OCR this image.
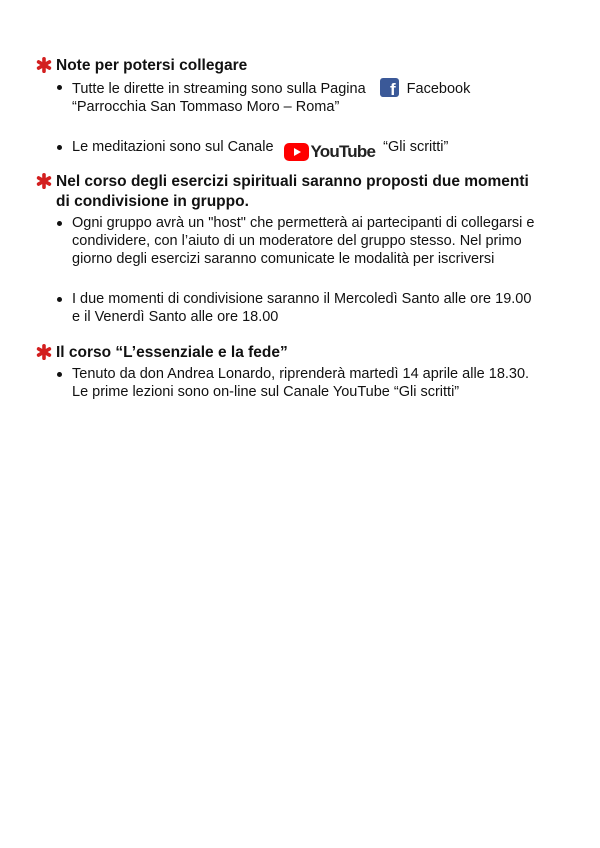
Note per potersi collegare
Tutte le dirette in streaming sono sulla Pagina f Facebook
“Parrocchia San Tommaso Moro – Roma”
Le meditazioni sono sul Canale YouTube “Gli scritti”
Nel corso degli esercizi spirituali saranno proposti due momenti
di condivisione in gruppo.
Ogni gruppo avrà un "host" che permetterà ai partecipanti di collegarsi e
condividere, con l’aiuto di un moderatore del gruppo stesso. Nel primo
giorno degli esercizi saranno comunicate le modalità per iscriversi
I due momenti di condivisione saranno il Mercoledì Santo alle ore 19.00
e il Venerdì Santo alle ore 18.00
Il corso “L’essenziale e la fede”
Tenuto da don Andrea Lonardo, riprenderà martedì 14 aprile alle 18.30.
Le prime lezioni sono on-line sul Canale YouTube “Gli scritti”
